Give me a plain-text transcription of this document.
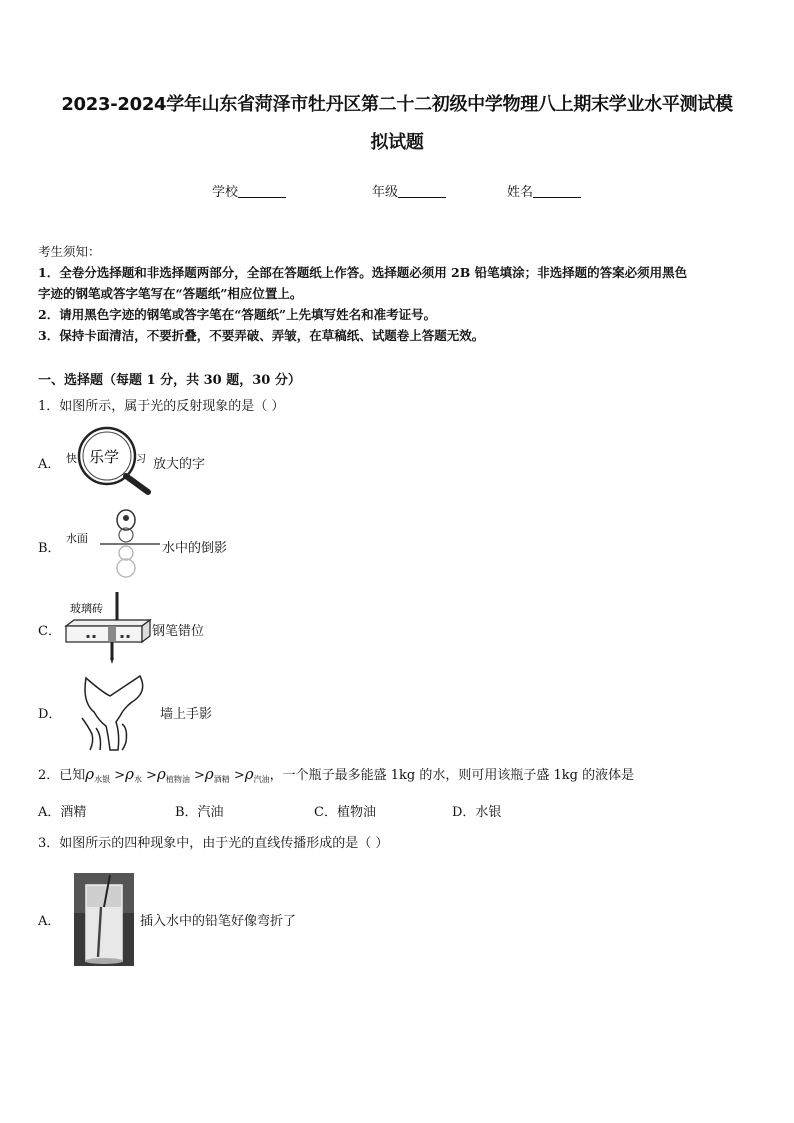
2023-2024学年山东省菏泽市牡丹区第二十二初级中学物理八上期末学业水平测试模
拟试题
学校	年级	姓名
考生须知：
1．全卷分选择题和非选择题两部分，全部在答题纸上作答。选择题必须用 2B 铅笔填涂；非选择题的答案必须用黑色
字迹的钢笔或答字笔写在“答题纸”相应位置上。
2．请用黑色字迹的钢笔或答字笔在“答题纸”上先填写姓名和准考证号。
3．保持卡面清洁，不要折叠，不要弄破、弄皱，在草稿纸、试题卷上答题无效。
一、选择题（每题 1 分，共 30 题，30 分）
1．如图所示，属于光的反射现象的是（ ）
A． 快 乐学 习 放大的字
B．
水面
水中的倒影
C．
玻璃砖
▪ ▪	▪ ▪ 钢笔错位
D．	墙上手影
2．已知$\rho_{水银} >\rho_水 >\rho_{植物油} >\rho_{酒精} >\rho_{汽油}$，一个瓶子最多能盛 1kg 的水，则可用该瓶子盛 1kg 的液体是
A．酒精	B．汽油	C．植物油	D．水银
3．如图所示的四种现象中，由于光的直线传播形成的是（ ）
A．	插入水中的铅笔好像弯折了
